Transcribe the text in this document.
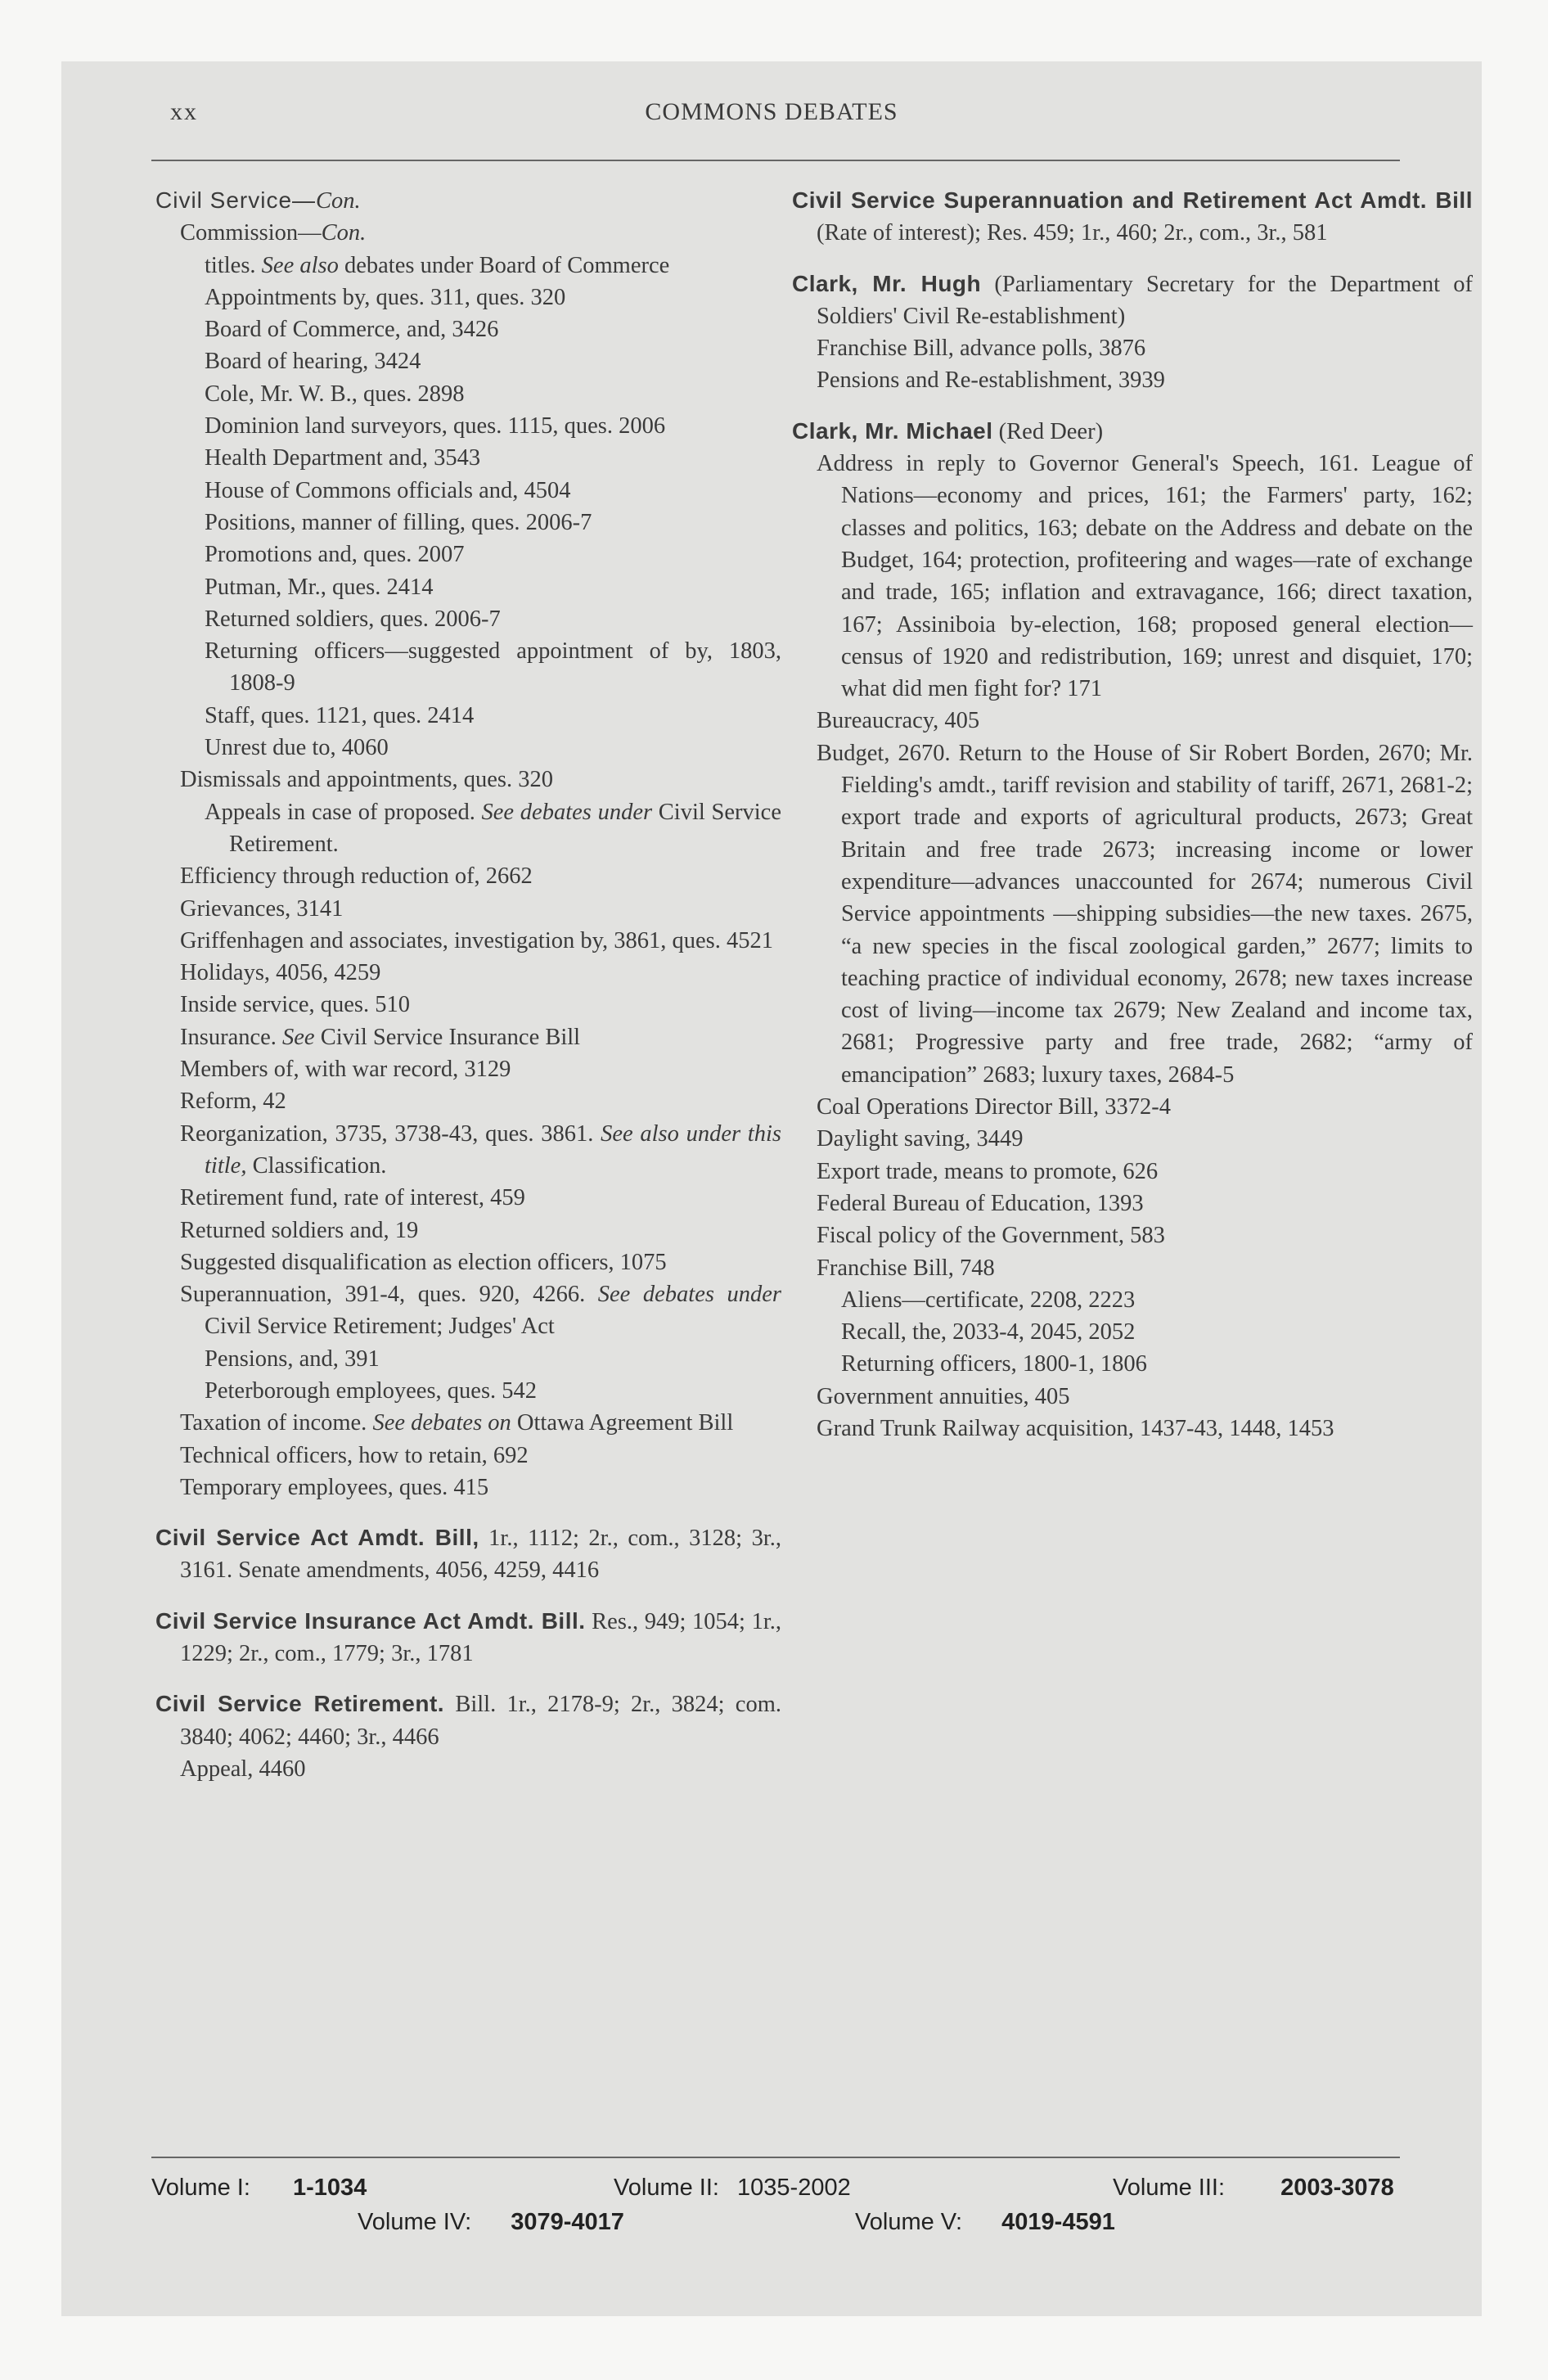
xx	COMMONS DEBATES

Civil Service—Con.

Commission—Con.

titles. See also debates under Board of Commerce

Appointments by, ques. 311, ques. 320

Board of Commerce, and, 3426

Board of hearing, 3424

Cole, Mr. W. B., ques. 2898

Dominion land surveyors, ques. 1115, ques. 2006

Health Department and, 3543

House of Commons officials and, 4504

Positions, manner of filling, ques. 2006-7

Promotions and, ques. 2007

Putman, Mr., ques. 2414

Returned soldiers, ques. 2006-7

Returning officers—suggested appointment of by, 1803, 1808-9

Staff, ques. 1121, ques. 2414

Unrest due to, 4060

Dismissals and appointments, ques. 320

Appeals in case of proposed. See debates under Civil Service Retirement.

Efficiency through reduction of, 2662

Grievances, 3141

Griffenhagen and associates, investigation by, 3861, ques. 4521

Holidays, 4056, 4259

Inside service, ques. 510

Insurance. See Civil Service Insurance Bill

Members of, with war record, 3129

Reform, 42

Reorganization, 3735, 3738-43, ques. 3861. See also under this title, Classification.

Retirement fund, rate of interest, 459

Returned soldiers and, 19

Suggested disqualification as election officers, 1075

Superannuation, 391-4, ques. 920, 4266. See debates under Civil Service Retirement; Judges' Act

Pensions, and, 391

Peterborough employees, ques. 542

Taxation of income. See debates on Ottawa Agreement Bill

Technical officers, how to retain, 692

Temporary employees, ques. 415

Civil Service Act Amdt. Bill, 1r., 1112; 2r., com., 3128; 3r., 3161. Senate amendments, 4056, 4259, 4416

Civil Service Insurance Act Amdt. Bill. Res., 949; 1054; 1r., 1229; 2r., com., 1779; 3r., 1781

Civil Service Retirement. Bill. 1r., 2178-9; 2r., 3824; com. 3840; 4062; 4460; 3r., 4466

Appeal, 4460

Civil Service Superannuation and Retirement Act Amdt. Bill (Rate of interest); Res. 459; 1r., 460; 2r., com., 3r., 581

Clark, Mr. Hugh (Parliamentary Secretary for the Department of Soldiers' Civil Re-establishment)

Franchise Bill, advance polls, 3876

Pensions and Re-establishment, 3939

Clark, Mr. Michael (Red Deer)

Address in reply to Governor General's Speech, 161. League of Nations—economy and prices, 161; the Farmers' party, 162; classes and politics, 163; debate on the Address and debate on the Budget, 164; protection, profiteering and wages—rate of exchange and trade, 165; inflation and extravagance, 166; direct taxation, 167; Assiniboia by-election, 168; proposed general election—census of 1920 and redistribution, 169; unrest and disquiet, 170; what did men fight for? 171

Bureaucracy, 405

Budget, 2670. Return to the House of Sir Robert Borden, 2670; Mr. Fielding's amdt., tariff revision and stability of tariff, 2671, 2681-2; export trade and exports of agricultural products, 2673; Great Britain and free trade 2673; increasing income or lower expenditure—advances unaccounted for 2674; numerous Civil Service appointments —shipping subsidies—the new taxes. 2675, “a new species in the fiscal zoological garden,” 2677; limits to teaching practice of individual economy, 2678; new taxes increase cost of living—income tax 2679; New Zealand and income tax, 2681; Progressive party and free trade, 2682; “army of emancipation” 2683; luxury taxes, 2684-5

Coal Operations Director Bill, 3372-4

Daylight saving, 3449

Export trade, means to promote, 626

Federal Bureau of Education, 1393

Fiscal policy of the Government, 583

Franchise Bill, 748

Aliens—certificate, 2208, 2223

Recall, the, 2033-4, 2045, 2052

Returning officers, 1800-1, 1806

Government annuities, 405

Grand Trunk Railway acquisition, 1437-43, 1448, 1453

Volume I: 1-1034	Volume II: 1035-2002	Volume III: 2003-3078
Volume IV: 3079-4017	Volume V: 4019-4591
